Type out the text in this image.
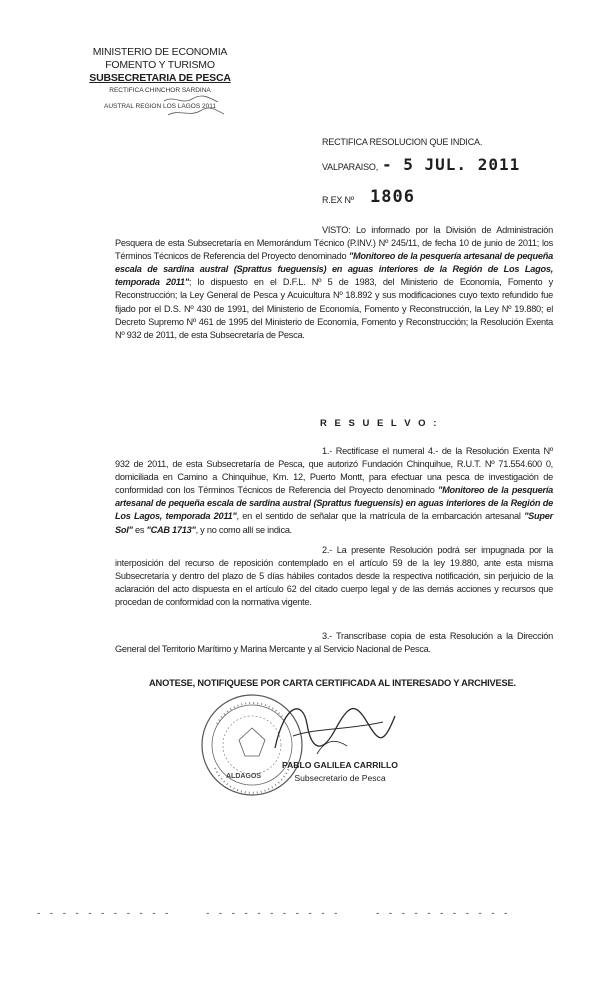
MINISTERIO DE ECONOMIA
FOMENTO Y TURISMO
SUBSECRETARIA DE PESCA
RECTIFICA CHINCHOR SARDINA
AUSTRAL REGION LOS LAGOS 2011
RECTIFICA RESOLUCION QUE INDICA.
VALPARAISO, - 5 JUL. 2011
R.EX Nº 1806
VISTO: Lo informado por la División de Administración Pesquera de esta Subsecretaría en Memorándum Técnico (P.INV.) Nº 245/11, de fecha 10 de junio de 2011; los Términos Técnicos de Referencia del Proyecto denominado "Monitoreo de la pesquería artesanal de pequeña escala de sardina austral (Sprattus fueguensis) en aguas interiores de la Región de Los Lagos, temporada 2011"; lo dispuesto en el D.F.L. Nº 5 de 1983, del Ministerio de Economía, Fomento y Reconstrucción; la Ley General de Pesca y Acuicultura Nº 18.892 y sus modificaciones cuyo texto refundido fue fijado por el D.S. Nº 430 de 1991, del Ministerio de Economía, Fomento y Reconstrucción, la Ley Nº 19.880; el Decreto Supremo Nº 461 de 1995 del Ministerio de Economía, Fomento y Reconstrucción; la Resolución Exenta Nº 932 de 2011, de esta Subsecretaría de Pesca.
R E S U E L V O :
1.- Rectifícase el numeral 4.- de la Resolución Exenta Nº 932 de 2011, de esta Subsecretaría de Pesca, que autorizó Fundación Chinquihue, R.U.T. Nº 71.554.600 0, domiciliada en Camino a Chinquihue, Km. 12, Puerto Montt, para efectuar una pesca de investigación de conformidad con los Términos Técnicos de Referencia del Proyecto denominado "Monitoreo de la pesquería artesanal de pequeña escala de sardina austral (Sprattus fueguensis) en aguas interiores de la Región de Los Lagos, temporada 2011", en el sentido de señalar que la matrícula de la embarcación artesanal "Super Sol" es "CAB 1713", y no como allí se indica.
2.- La presente Resolución podrá ser impugnada por la interposición del recurso de reposición contemplado en el artículo 59 de la ley 19.880, ante esta misma Subsecretaría y dentro del plazo de 5 días hábiles contados desde la respectiva notificación, sin perjuicio de la aclaración del acto dispuesta en el artículo 62 del citado cuerpo legal y de las demás acciones y recursos que procedan de conformidad con la normativa vigente.
3.- Transcríbase copia de esta Resolución a la Dirección General del Territorio Marítimo y Marina Mercante y al Servicio Nacional de Pesca.
ANOTESE, NOTIFIQUESE POR CARTA CERTIFICADA AL INTERESADO Y ARCHIVESE.
ALDAGOS
PABLO GALILEA CARRILLO
Subsecretario de Pesca
- - - - - - - - - - -	- - - - - - - - - - -	- - - - - - - - - - -
